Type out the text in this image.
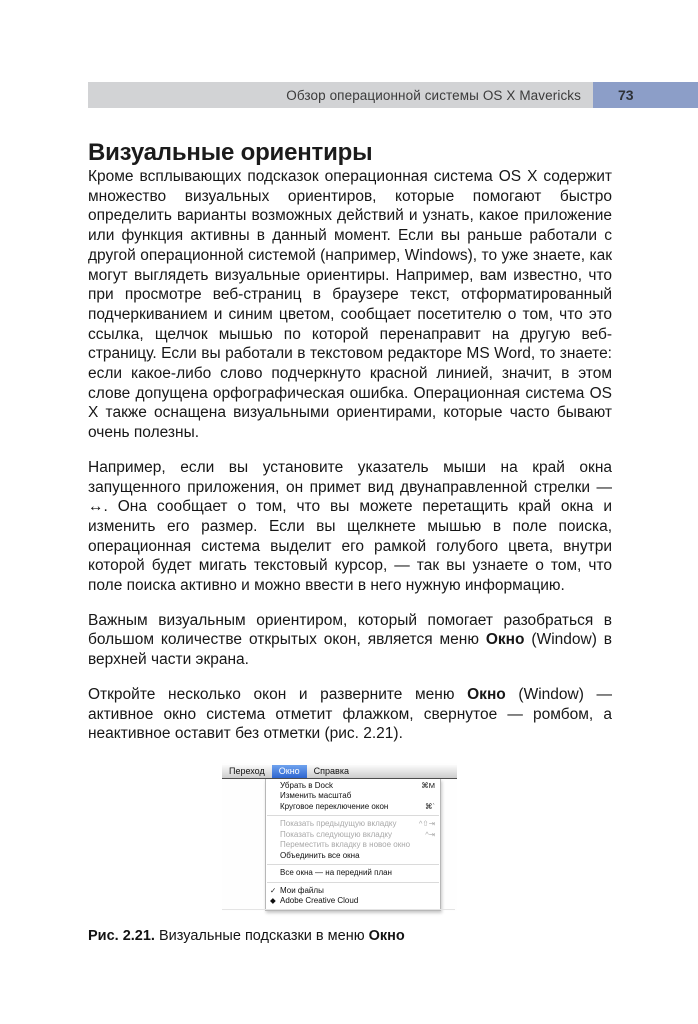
Обзор операционной системы OS X Mavericks	73
Визуальные ориентиры

Кроме всплывающих подсказок операционная система OS X содержит множество визуальных ориентиров, которые помогают быстро определить варианты возможных действий и узнать, какое приложение или функция активны в данный момент. Если вы раньше работали с другой операционной системой (например, Windows), то уже знаете, как могут выглядеть визуальные ориентиры. Например, вам известно, что при просмотре веб-страниц в браузере текст, отформатированный подчеркиванием и синим цветом, сообщает посетителю о том, что это ссылка, щелчок мышью по которой перенаправит на другую веб-страницу. Если вы работали в текстовом редакторе MS Word, то знаете: если какое-либо слово подчеркнуто красной линией, значит, в этом слове допущена орфографическая ошибка. Операционная система OS X также оснащена визуальными ориентирами, которые часто бывают очень полезны.

Например, если вы установите указатель мыши на край окна запущенного приложения, он примет вид двунаправленной стрелки — ↔. Она сообщает о том, что вы можете перетащить край окна и изменить его размер. Если вы щелкнете мышью в поле поиска, операционная система выделит его рамкой голубого цвета, внутри которой будет мигать текстовый курсор, — так вы узнаете о том, что поле поиска активно и можно ввести в него нужную информацию.

Важным визуальным ориентиром, который помогает разобраться в большом количестве открытых окон, является меню Окно (Window) в верхней части экрана.

Откройте несколько окон и разверните меню Окно (Window) — активное окно система отметит флажком, свернутое — ромбом, а неактивное оставит без отметки (рис. 2.21).

Переход	Окно	Справка
Убрать в Dock	⌘M
Изменить масштаб
Круговое переключение окон	⌘`
Показать предыдущую вкладку	^⇧⇥
Показать следующую вкладку	^⇥
Переместить вкладку в новое окно
Объединить все окна
Все окна — на передний план
✓ Мои файлы
◆ Adobe Creative Cloud

Рис. 2.21. Визуальные подсказки в меню Окно
